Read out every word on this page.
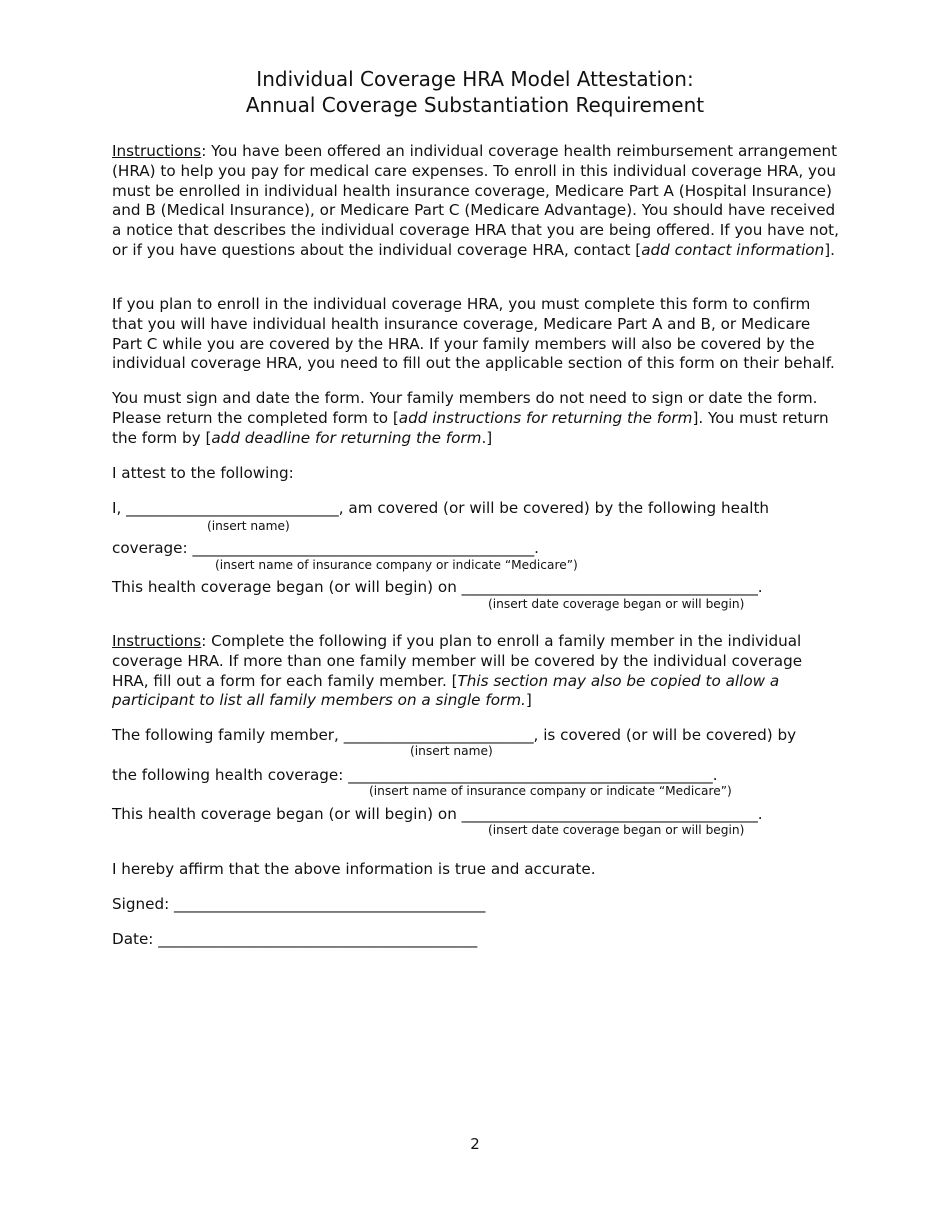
Individual Coverage HRA Model Attestation:
Annual Coverage Substantiation Requirement

Instructions: You have been offered an individual coverage health reimbursement arrangement (HRA) to help you pay for medical care expenses. To enroll in this individual coverage HRA, you must be enrolled in individual health insurance coverage, Medicare Part A (Hospital Insurance) and B (Medical Insurance), or Medicare Part C (Medicare Advantage). You should have received a notice that describes the individual coverage HRA that you are being offered. If you have not, or if you have questions about the individual coverage HRA, contact [add contact information].

If you plan to enroll in the individual coverage HRA, you must complete this form to confirm that you will have individual health insurance coverage, Medicare Part A and B, or Medicare Part C while you are covered by the HRA. If your family members will also be covered by the individual coverage HRA, you need to fill out the applicable section of this form on their behalf.

You must sign and date the form. Your family members do not need to sign or date the form. Please return the completed form to [add instructions for returning the form]. You must return the form by [add deadline for returning the form.]

I attest to the following:
I, ____________________________, am covered (or will be covered) by the following health
(insert name)
coverage: _____________________________________________.
(insert name of insurance company or indicate “Medicare”)
This health coverage began (or will begin) on _______________________________________.
(insert date coverage began or will begin)

Instructions: Complete the following if you plan to enroll a family member in the individual coverage HRA. If more than one family member will be covered by the individual coverage HRA, fill out a form for each family member. [This section may also be copied to allow a participant to list all family members on a single form.]

The following family member, _________________________, is covered (or will be covered) by
(insert name)
the following health coverage: ________________________________________________.
(insert name of insurance company or indicate “Medicare”)
This health coverage began (or will begin) on _______________________________________.
(insert date coverage began or will begin)
I hereby affirm that the above information is true and accurate.
Signed: _________________________________________
Date: __________________________________________
2
